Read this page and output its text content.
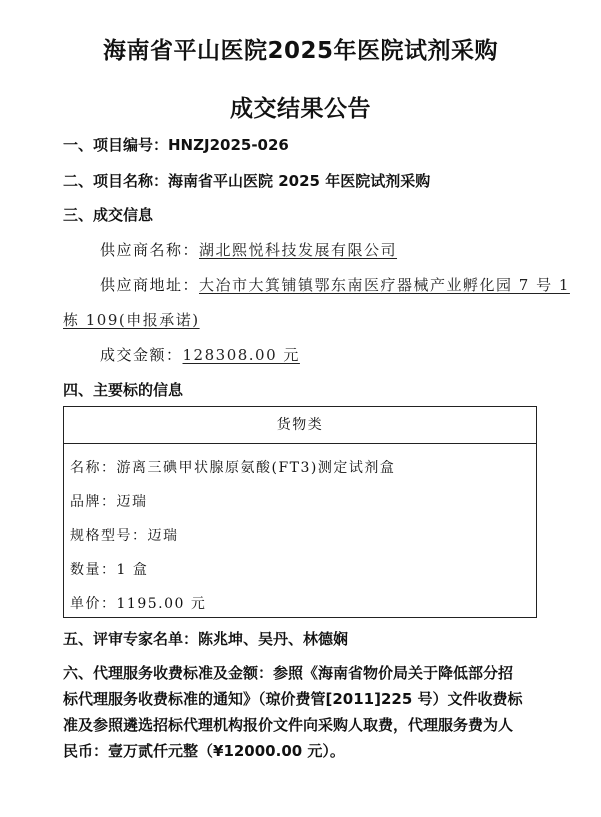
海南省平山医院2025年医院试剂采购
成交结果公告
一、项目编号：HNZJ2025-026
二、项目名称：海南省平山医院 2025 年医院试剂采购
三、成交信息
供应商名称：湖北熙悦科技发展有限公司
供应商地址：大冶市大箕铺镇鄂东南医疗器械产业孵化园 7 号 1
栋 109(申报承诺)
成交金额：128308.00 元
四、主要标的信息
货物类
名称：游离三碘甲状腺原氨酸(FT3)测定试剂盒
品牌：迈瑞
规格型号：迈瑞
数量：1 盒
单价：1195.00 元
五、评审专家名单：陈兆坤、吴丹、林德娴
六、代理服务收费标准及金额：参照《海南省物价局关于降低部分招
标代理服务收费标准的通知》（琼价费管[2011]225 号）文件收费标
准及参照遴选招标代理机构报价文件向采购人取费，代理服务费为人
民币：壹万贰仟元整（¥12000.00 元）。
